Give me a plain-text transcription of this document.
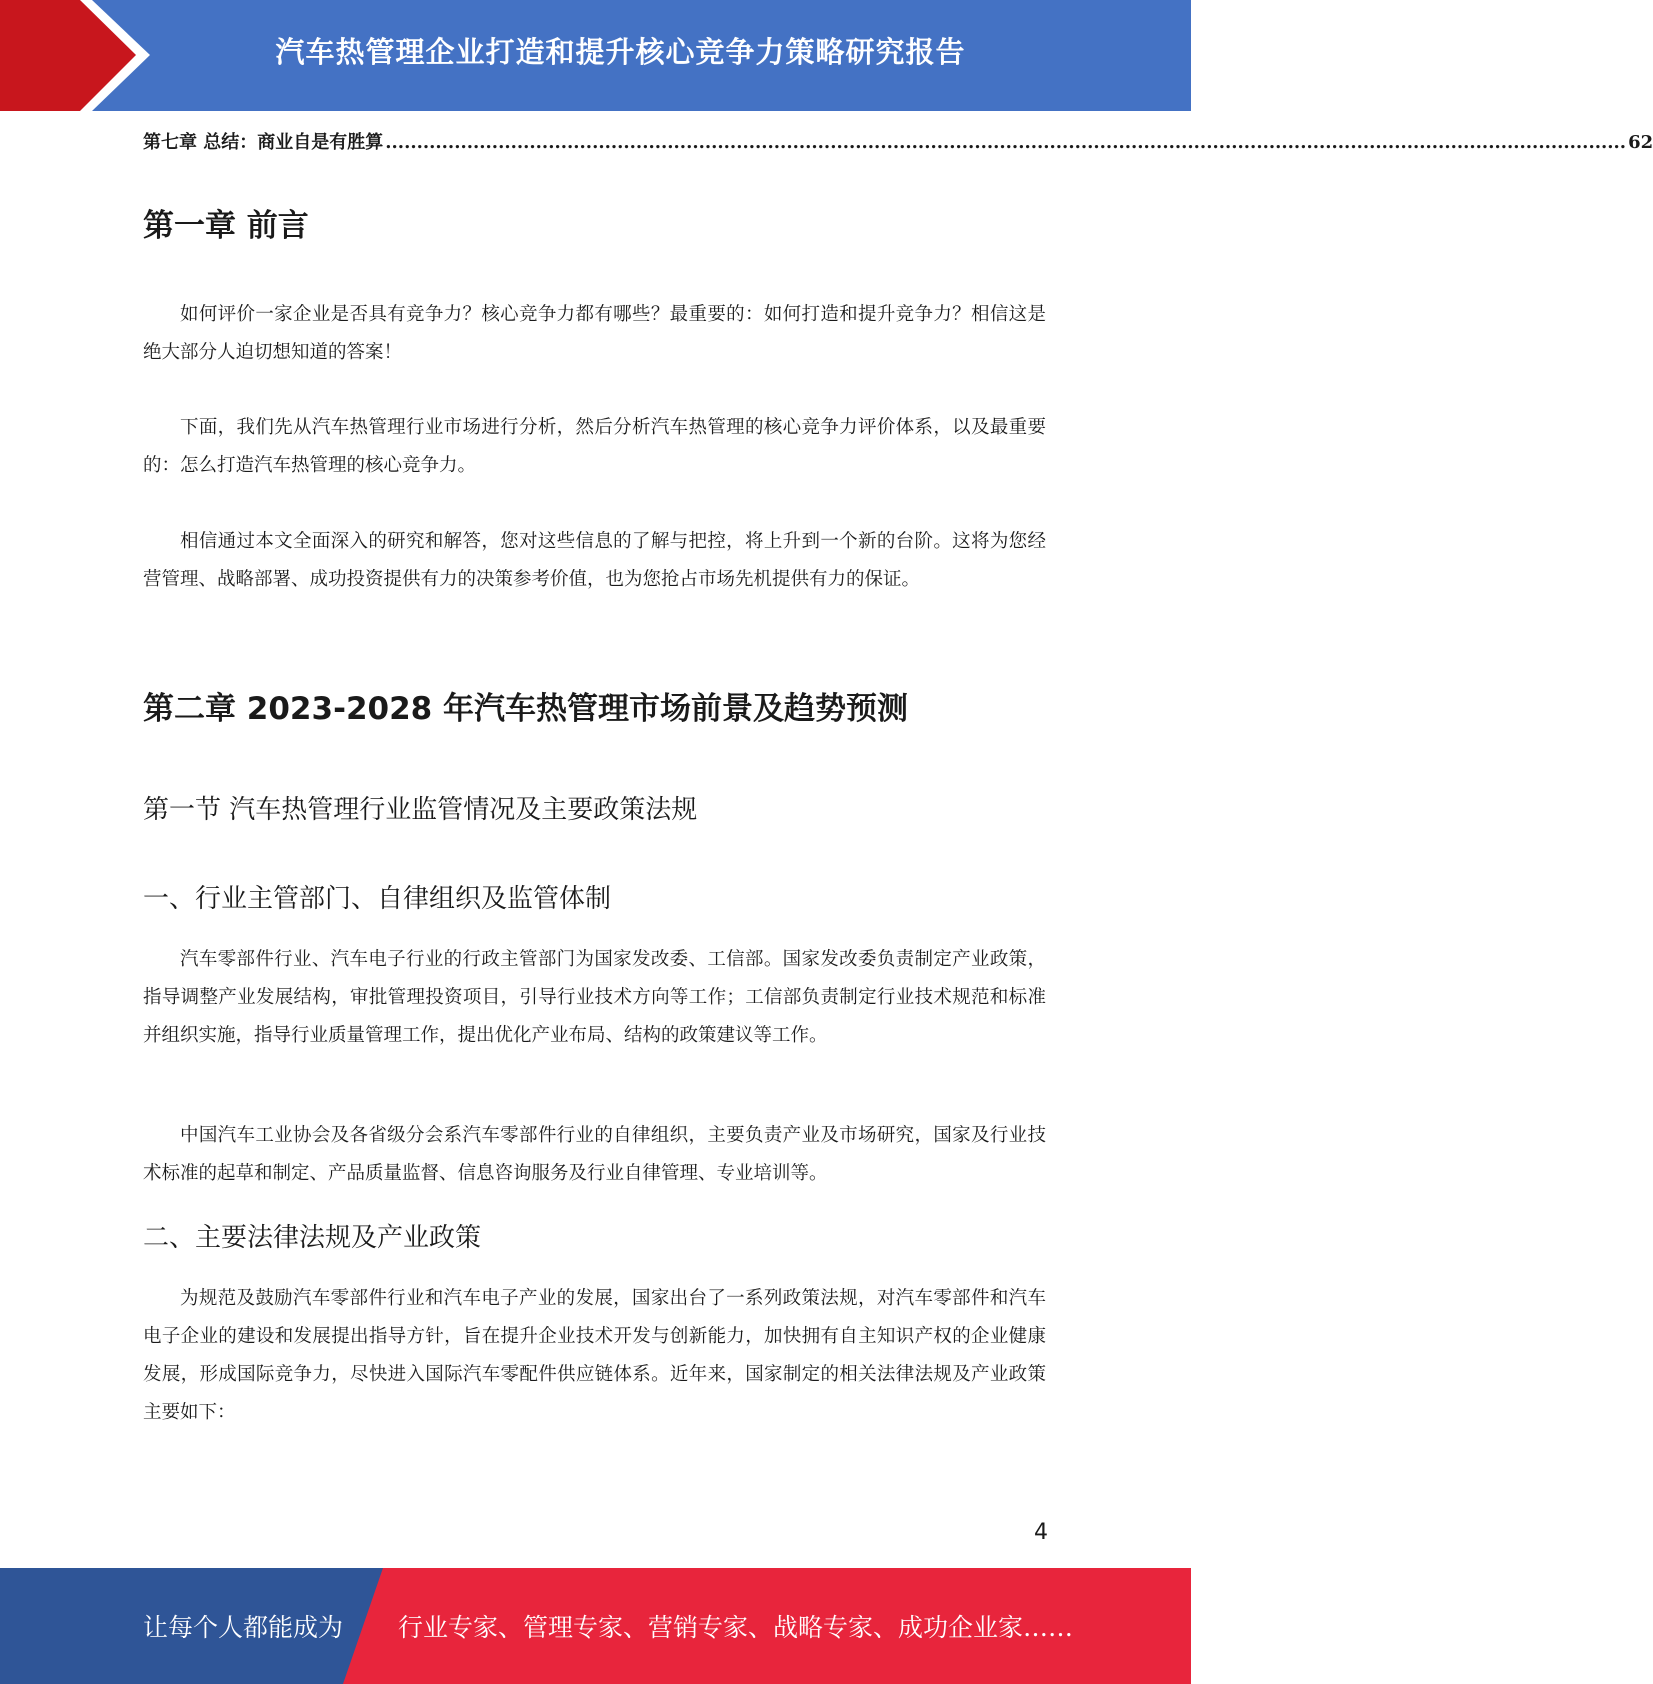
汽车热管理企业打造和提升核心竞争力策略研究报告
第七章 总结：商业自是有胜算 ...................................................................................................................................................................................................... 62
第一章 前言

如何评价一家企业是否具有竞争力？核心竞争力都有哪些？最重要的：如何打造和提升竞争力？相信这是绝大部分人迫切想知道的答案！

下面，我们先从汽车热管理行业市场进行分析，然后分析汽车热管理的核心竞争力评价体系，以及最重要的：怎么打造汽车热管理的核心竞争力。

相信通过本文全面深入的研究和解答，您对这些信息的了解与把控，将上升到一个新的台阶。这将为您经营管理、战略部署、成功投资提供有力的决策参考价值，也为您抢占市场先机提供有力的保证。

第二章 2023-2028 年汽车热管理市场前景及趋势预测
第一节 汽车热管理行业监管情况及主要政策法规
一、行业主管部门、自律组织及监管体制

汽车零部件行业、汽车电子行业的行政主管部门为国家发改委、工信部。国家发改委负责制定产业政策，指导调整产业发展结构，审批管理投资项目，引导行业技术方向等工作；工信部负责制定行业技术规范和标准并组织实施，指导行业质量管理工作，提出优化产业布局、结构的政策建议等工作。

中国汽车工业协会及各省级分会系汽车零部件行业的自律组织，主要负责产业及市场研究，国家及行业技术标准的起草和制定、产品质量监督、信息咨询服务及行业自律管理、专业培训等。

二、主要法律法规及产业政策

为规范及鼓励汽车零部件行业和汽车电子产业的发展，国家出台了一系列政策法规，对汽车零部件和汽车电子企业的建设和发展提出指导方针，旨在提升企业技术开发与创新能力，加快拥有自主知识产权的企业健康发展，形成国际竞争力，尽快进入国际汽车零配件供应链体系。近年来，国家制定的相关法律法规及产业政策主要如下：

4
让每个人都能成为 行业专家、管理专家、营销专家、战略专家、成功企业家……
